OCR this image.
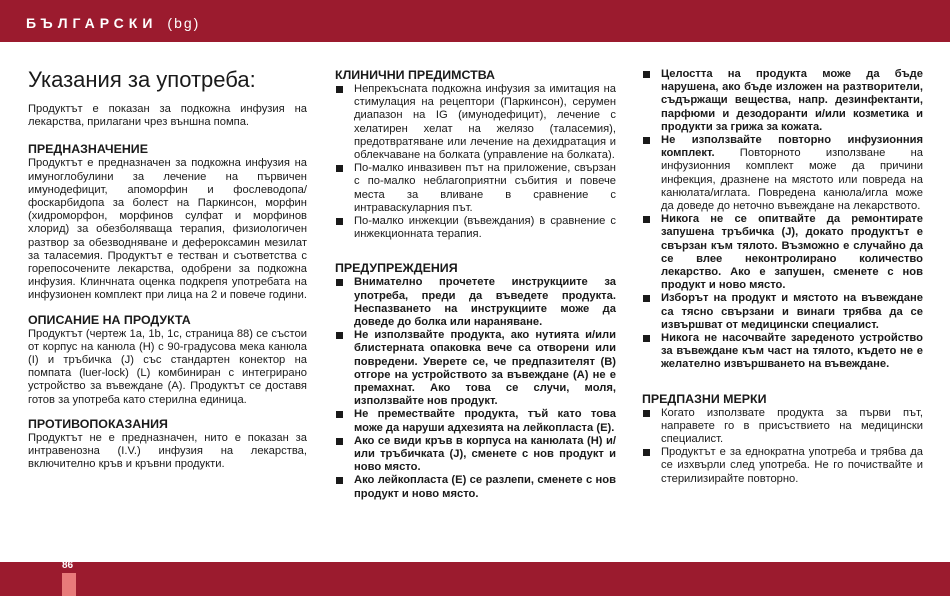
БЪЛГАРСКИ (bg)
Указания за употреба:

Продуктът е показан за подкожна инфузия на лекарства, прилагани чрез външна помпа.

ПРЕДНАЗНАЧЕНИЕ

Продуктът е предназначен за подкожна инфузия на имуноглобулини за лечение на първичен имунодефицит, апоморфин и фослеводопа/фоскарбидопа за болест на Паркинсон, морфин (хидроморфон, морфинов сулфат и морфинов хлорид) за обезболяваща терапия, физиологичен разтвор за обезводняване и дефероксамин мезилат за таласемия. Продуктът е тестван и съответства с горепосочените лекарства, одобрени за подкожна инфузия. Клинчната оценка подкрепя употребата на инфузионен комплект при лица на 2 и повече години.

ОПИСАНИЕ НА ПРОДУКТА

Продуктът (чертеж 1a, 1b, 1c, страница 88) се състои от корпус на канюла (H) с 90-градусова мека канюла (I) и тръбичка (J) със стандартен конектор на помпата (luer-lock) (L) комбиниран с интегрирано устройство за въвеждане (A). Продуктът се доставя готов за употреба като стерилна единица.

ПРОТИВОПОКАЗАНИЯ

Продуктът не е предназначен, нито е показан за интравенозна (I.V.) инфузия на лекарства, включително кръв и кръвни продукти.

КЛИНИЧНИ ПРЕДИМСТВА
Непрекъсната подкожна инфузия за имитация на стимулация на рецептори (Паркинсон), серумен диапазон на IG (имунодефицит), лечение с хелатирен хелат на желязо (таласемия), предотвратяване или лечение на дехидратация и облекчаване на болката (управление на болката).
По-малко инвазивен път на приложение, свързан с по-малко неблагоприятни събития и повече места за вливане в сравнение с интраваскуларния път.
По-малко инжекции (въвеждания) в сравнение с инжекционната терапия.
ПРЕДУПРЕЖДЕНИЯ
Внимателно прочетете инструкциите за употреба, преди да въведете продукта. Неспазването на инструкциите може да доведе до болка или нараняване.
Не използвайте продукта, ако нутията и/или блистерната опаковка вече са отворени или повредени. Уверете се, че предпазителят (B) отгоре на устройството за въвеждане (A) не е премахнат. Ако това се случи, моля, използвайте нов продукт.
Не премествайте продукта, тъй като това може да наруши адхезията на лейкопласта (E).
Ако се види кръв в корпуса на канюлата (H) и/или тръбичката (J), сменете с нов продукт и ново място.
Ако лейкопласта (E) се разлепи, сменете с нов продукт и ново място.
Целостта на продукта може да бъде нарушена, ако бъде изложен на разтворители, съдържащи вещества, напр. дезинфектанти, парфюми и дезодоранти и/или козметика и продукти за грижа за кожата.
Не използвайте повторно инфузионния комплект. Повторното използване на инфузионния комплект може да причини инфекция, дразнене на мястото или повреда на канюлата/иглата. Повредена канюла/игла може да доведе до неточно въвеждане на лекарството.
Никога не се опитвайте да ремонтирате запушена тръбичка (J), докато продуктът е свързан към тялото. Възможно е случайно да се влее неконтролирано количество лекарство. Ако е запушен, сменете с нов продукт и ново място.
Изборът на продукт и мястото на въвеждане са тясно свързани и винаги трябва да се извършват от медицински специалист.
Никога не насочвайте зареденото устройство за въвеждане към част на тялото, където не е желателно извършването на въвеждане.
ПРЕДПАЗНИ МЕРКИ
Когато използвате продукта за първи път, направете го в присъствието на медицински специалист.
Продуктът е за еднократна употреба и трябва да се изхвърли след употреба. Не го почиствайте и стерилизирайте повторно.
86
